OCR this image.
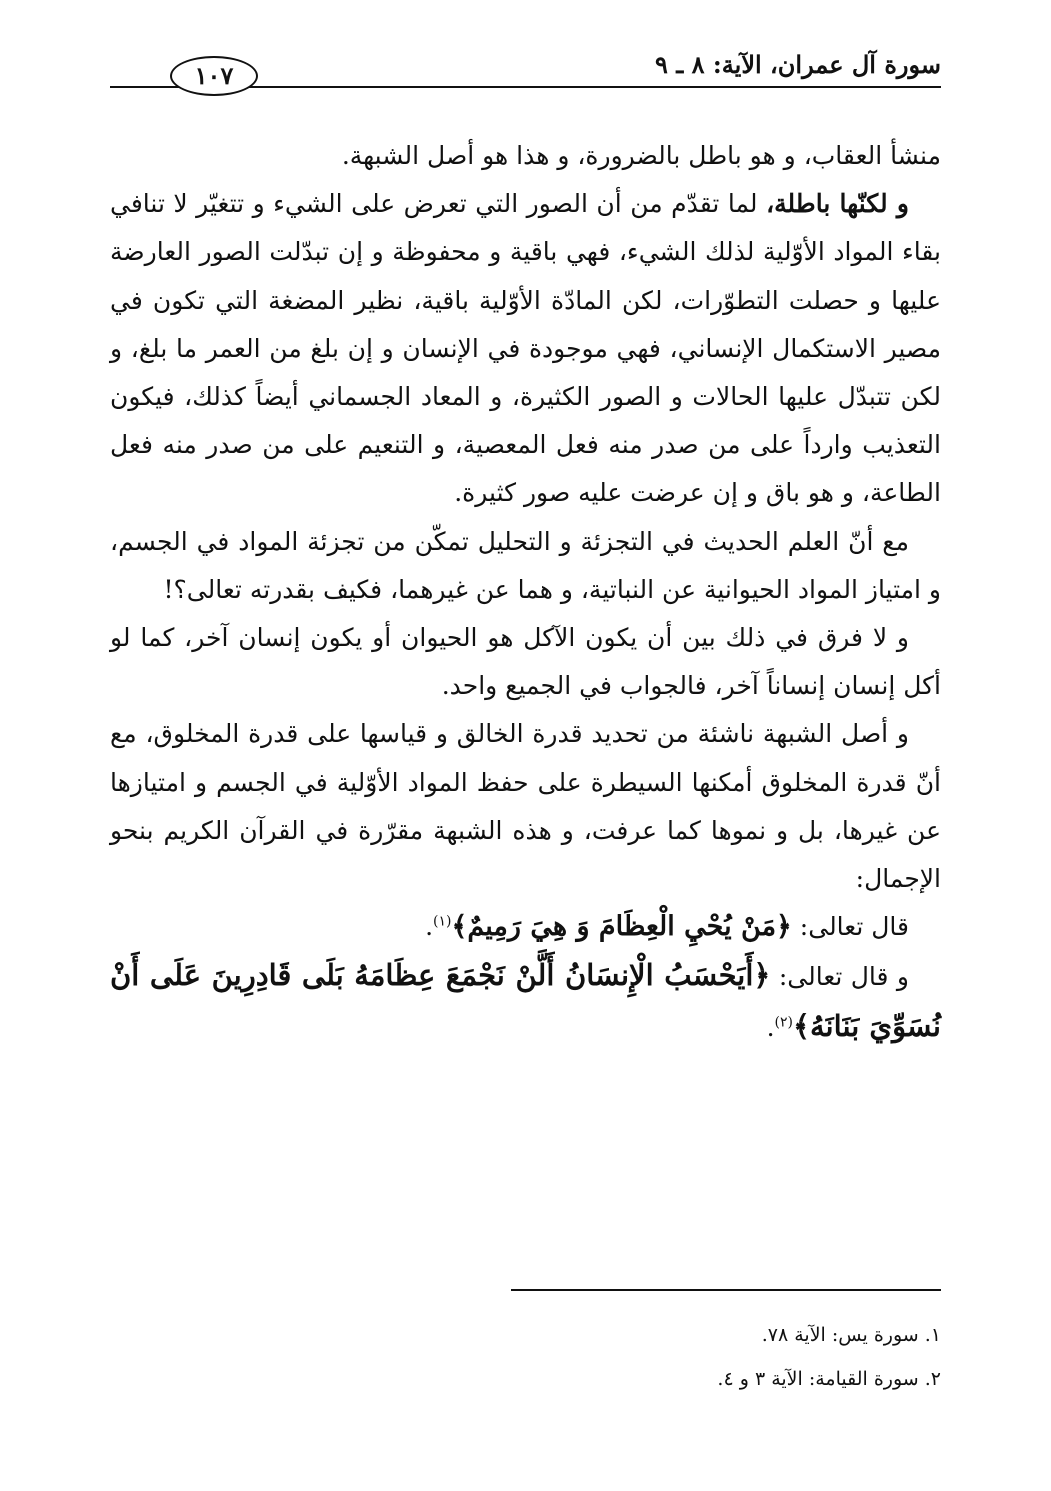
سورة آل عمران، الآية: ٨ ـ ٩
١٠٧

منشأ العقاب، و هو باطل بالضرورة، و هذا هو أصل الشبهة.

و لكنّها باطلة، لما تقدّم من أن الصور التي تعرض على الشيء و تتغيّر لا تنافي بقاء المواد الأوّلية لذلك الشيء، فهي باقية و محفوظة و إن تبدّلت الصور العارضة عليها و حصلت التطوّرات، لكن المادّة الأوّلية باقية، نظير المضغة التي تكون في مصير الاستكمال الإنساني، فهي موجودة في الإنسان و إن بلغ من العمر ما بلغ، و لكن تتبدّل عليها الحالات و الصور الكثيرة، و المعاد الجسماني أيضاً كذلك، فيكون التعذيب وارداً على من صدر منه فعل المعصية، و التنعيم على من صدر منه فعل الطاعة، و هو باق و إن عرضت عليه صور كثيرة.

مع أنّ العلم الحديث في التجزئة و التحليل تمكّن من تجزئة المواد في الجسم، و امتياز المواد الحيوانية عن النباتية، و هما عن غيرهما، فكيف بقدرته تعالى؟!

و لا فرق في ذلك بين أن يكون الآكل هو الحيوان أو يكون إنسان آخر، كما لو أكل إنسان إنساناً آخر، فالجواب في الجميع واحد.

و أصل الشبهة ناشئة من تحديد قدرة الخالق و قياسها على قدرة المخلوق، مع أنّ قدرة المخلوق أمكنها السيطرة على حفظ المواد الأوّلية في الجسم و امتيازها عن غيرها، بل و نموها كما عرفت، و هذه الشبهة مقرّرة في القرآن الكريم بنحو الإجمال:

قال تعالى: ﴿مَنْ يُحْيِ الْعِظَامَ وَ هِيَ رَمِيمٌ﴾$^{(١)}$.

و قال تعالى: ﴿أَيَحْسَبُ الْإِنسَانُ أَلَّنْ نَجْمَعَ عِظَامَهُ بَلَى قَادِرِينَ عَلَى أَنْ نُسَوِّيَ بَنَانَهُ﴾$^{(٢)}$.

١. سورة يس: الآية ٧٨.
٢. سورة القيامة: الآية ٣ و ٤.
